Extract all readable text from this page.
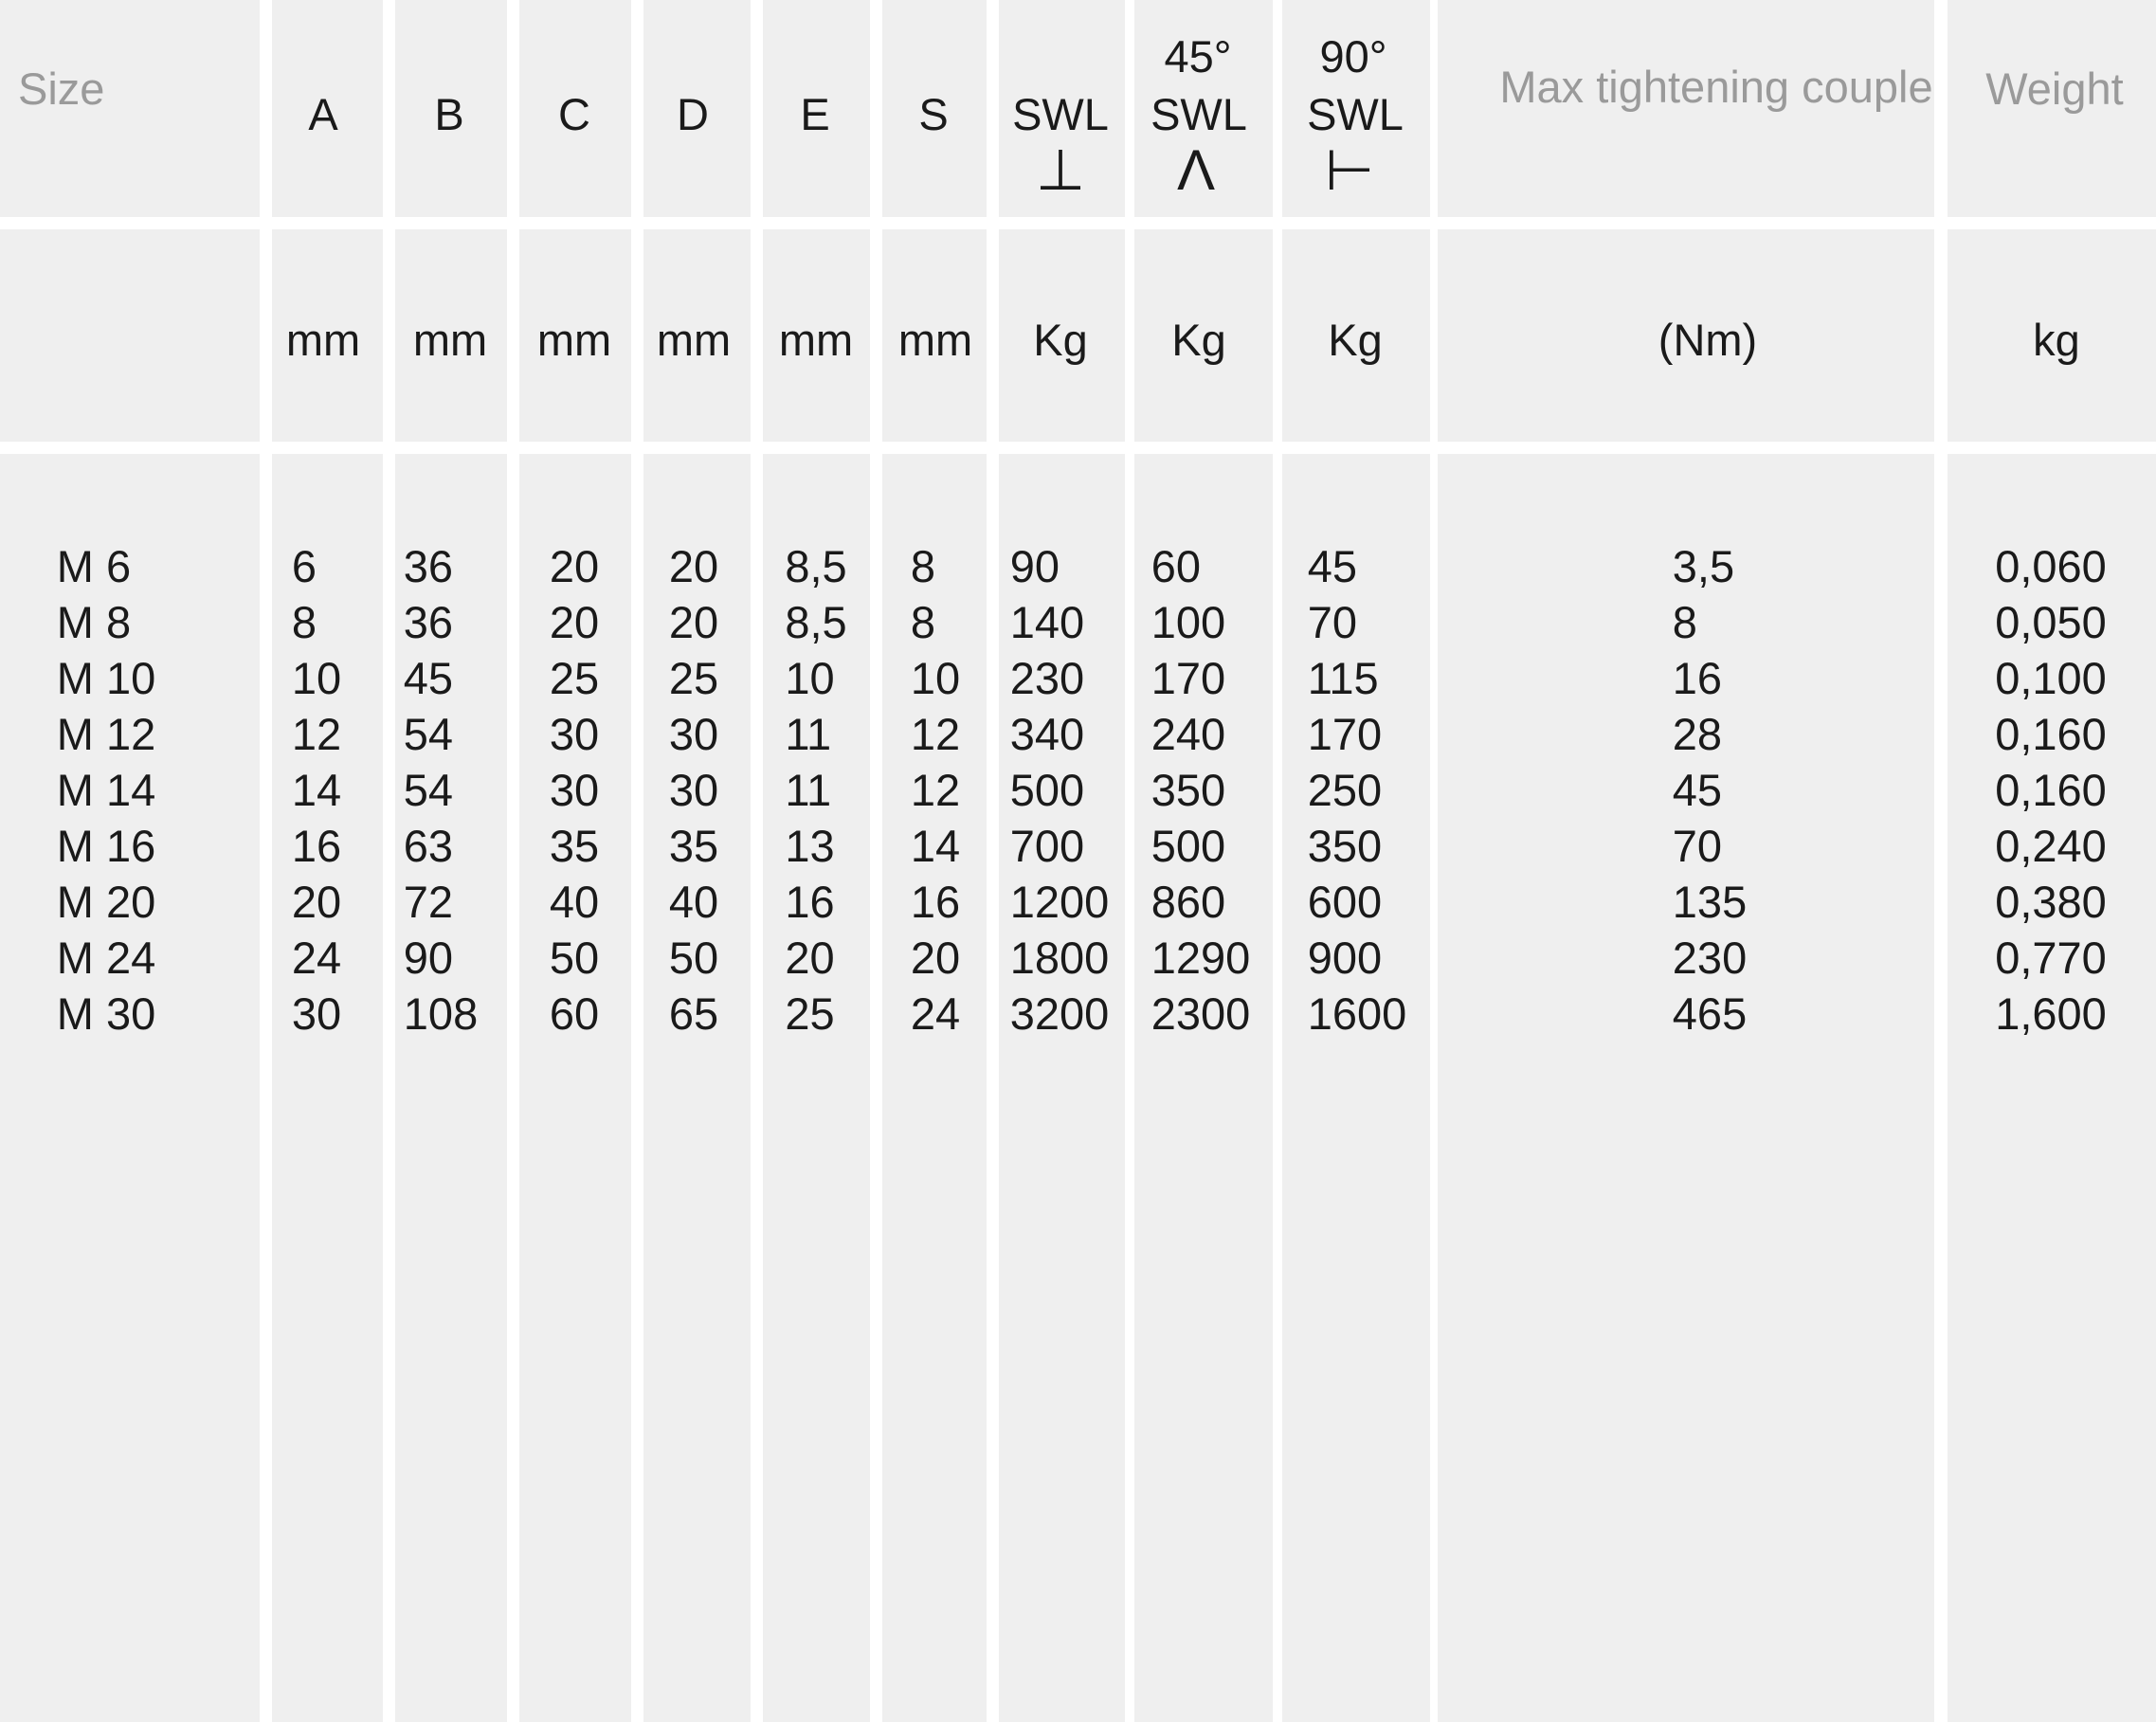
Size
A B C D E S SWL
⊥
45°
SWL
Λ
90°
SWL
⊢
Max tightening couple Weight
mm mm mm mm mm mm Kg Kg Kg	(Nm)	kg
M 6
M 8
M 10
M 12
M 14
M 16
M 20
M 24
M 30
6
8
10
12
14
16
20
24
30
36
36
45
54
54
63
72
90
108
20
20
25
30
30
35
40
50
60
20
20
25
30
30
35
40
50
65
8,5
8,5
10
11
11
13
16
20
25
8
8
10
12
12
14
16
20
24
90
140
230
340
500
700
1200
1800
3200
60
100
170
240
350
500
860
1290
2300
45
70
115
170
250
350
600
900
1600
3,5
8
16
28
45
70
135
230
465
0,060
0,050
0,100
0,160
0,160
0,240
0,380
0,770
1,600
